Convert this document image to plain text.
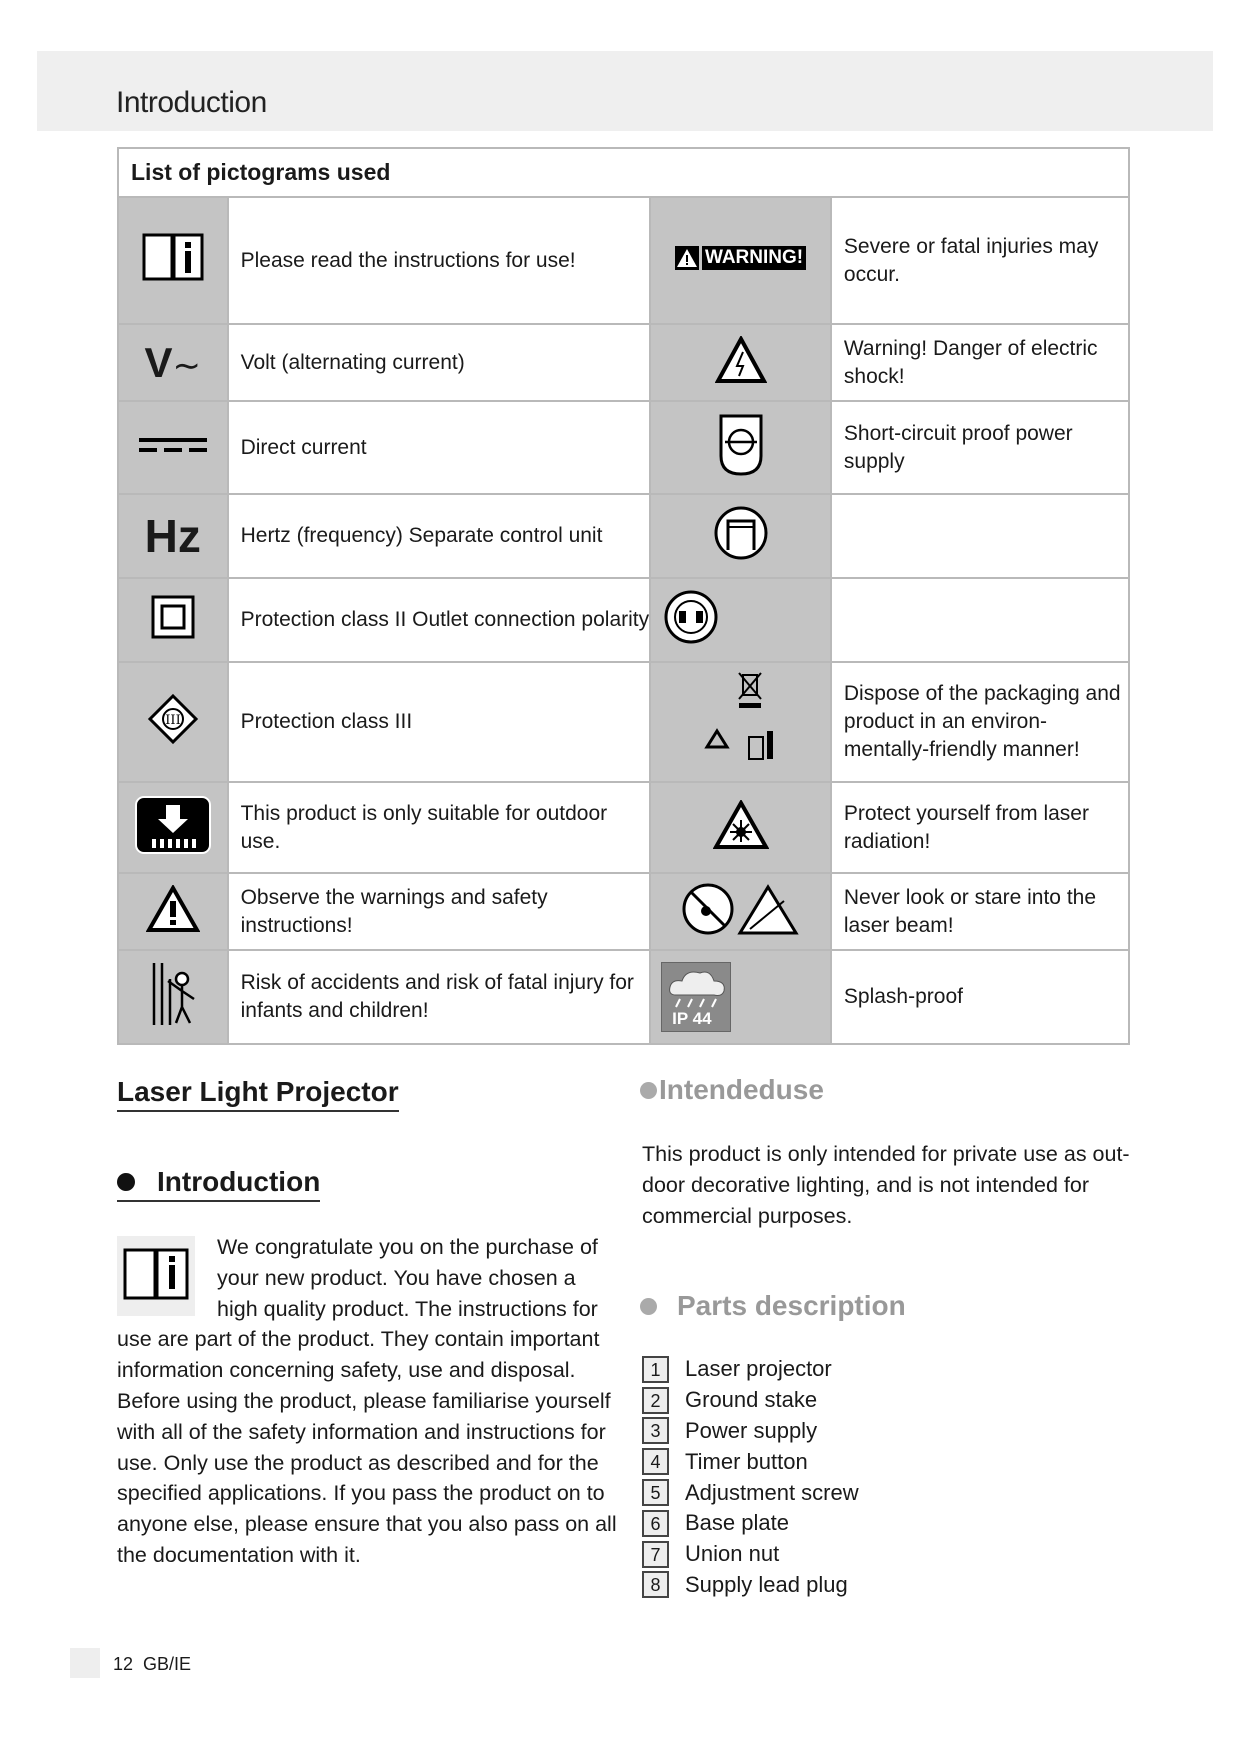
Introduction
List of pictograms used			
	Please read the instructions for use!	WARNING!	Severe or fatal injuries may occur.
V∼	Volt (alternating current)		Warning! Danger of electric shock!
	Direct current		Short-circuit proof power supply
Hz	Hertz (frequency) Separate control unit		
	Protection class II Outlet connection polarity		

III	Protection class III		Dispose of the packaging and product in an environ-mentally-friendly manner!
	This product is only suitable for outdoor use.		Protect yourself from laser radiation!
	Observe the warnings and safety instructions!		Never look or stare into the laser beam!
	Risk of accidents and risk of fatal injury for infants and children!	IP 44	Splash-proof
Laser Light Projector
Introduction
We congratulate you on the purchase of your new product. You have chosen a high quality product. The instructions for use are part of the product. They contain important information concerning safety, use and disposal. Before using the product, please familiarise yourself with all of the safety information and instructions for use. Only use the product as described and for the specified applications. If you pass the product on to anyone else, please ensure that you also pass on all the documentation with it.
Intendeduse
This product is only intended for private use as out-door decorative lighting, and is not intended for commercial purposes.
Parts description
1	Laser projector
2	Ground stake
3	Power supply
4	Timer button
5	Adjustment screw
6	Base plate
7	Union nut
8	Supply lead plug
12 GB/IE
